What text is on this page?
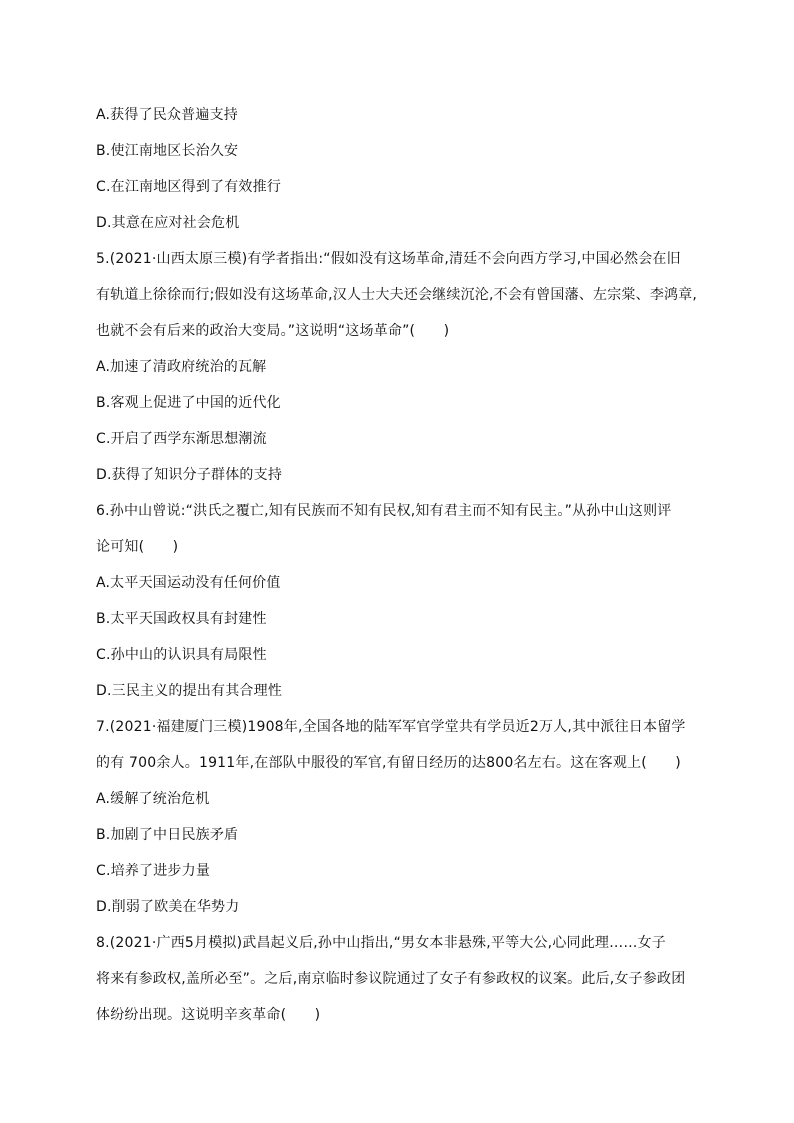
A.获得了民众普遍支持
B.使江南地区长治久安
C.在江南地区得到了有效推行
D.其意在应对社会危机
5.(2021·山西太原三模)有学者指出:“假如没有这场革命,清廷不会向西方学习,中国必然会在旧
有轨道上徐徐而行;假如没有这场革命,汉人士大夫还会继续沉沦,不会有曾国藩、左宗棠、李鸿章,
也就不会有后来的政治大变局。”这说明“这场革命”(　　)
A.加速了清政府统治的瓦解
B.客观上促进了中国的近代化
C.开启了西学东渐思想潮流
D.获得了知识分子群体的支持
6.孙中山曾说:“洪氏之覆亡,知有民族而不知有民权,知有君主而不知有民主。”从孙中山这则评
论可知(　　)
A.太平天国运动没有任何价值
B.太平天国政权具有封建性
C.孙中山的认识具有局限性
D.三民主义的提出有其合理性
7.(2021·福建厦门三模)1908年,全国各地的陆军军官学堂共有学员近2万人,其中派往日本留学
的有 700余人。1911年,在部队中服役的军官,有留日经历的达800名左右。这在客观上(　　)
A.缓解了统治危机
B.加剧了中日民族矛盾
C.培养了进步力量
D.削弱了欧美在华势力
8.(2021·广西5月模拟)武昌起义后,孙中山指出,“男女本非悬殊,平等大公,心同此理……女子
将来有参政权,盖所必至”。之后,南京临时参议院通过了女子有参政权的议案。此后,女子参政团
体纷纷出现。这说明辛亥革命(　　)
